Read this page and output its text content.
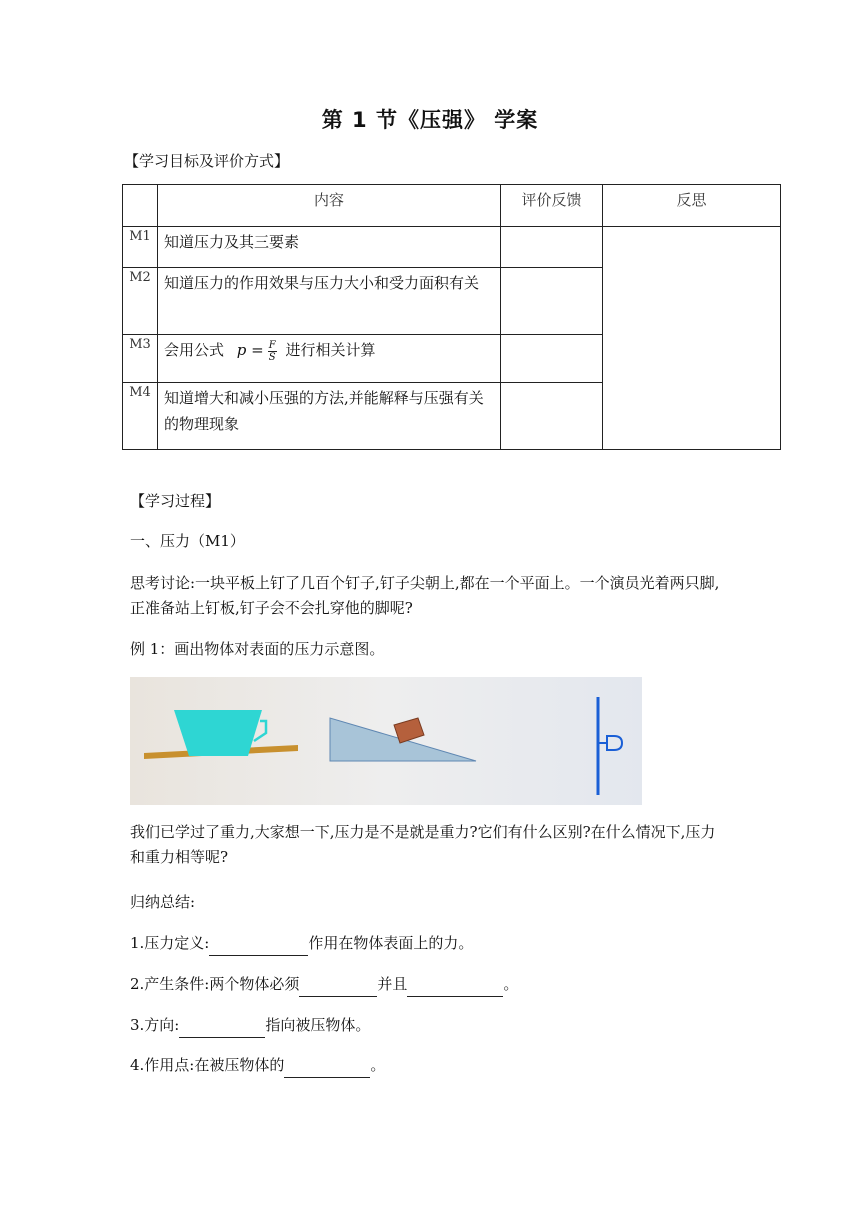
第 1 节《压强》 学案
【学习目标及评价方式】
	内容	评价反馈	反思
M1	知道压力及其三要素		
M2	知道压力的作用效果与压力大小和受力面积有关		
M3	会用公式 $p = \frac{F}{S}$ 进行相关计算		
M4	知道增大和减小压强的方法,并能解释与压强有关的物理现象		
【学习过程】
一、压力（M1）
思考讨论:一块平板上钉了几百个钉子,钉子尖朝上,都在一个平面上。一个演员光着两只脚,正准备站上钉板,钉子会不会扎穿他的脚呢?
例 1：画出物体对表面的压力示意图。
我们已学过了重力,大家想一下,压力是不是就是重力?它们有什么区别?在什么情况下,压力和重力相等呢?
归纳总结:
1.压力定义:	作用在物体表面上的力。
2.产生条件:两个物体必须	并且	。
3.方向:	指向被压物体。
4.作用点:在被压物体的	。
